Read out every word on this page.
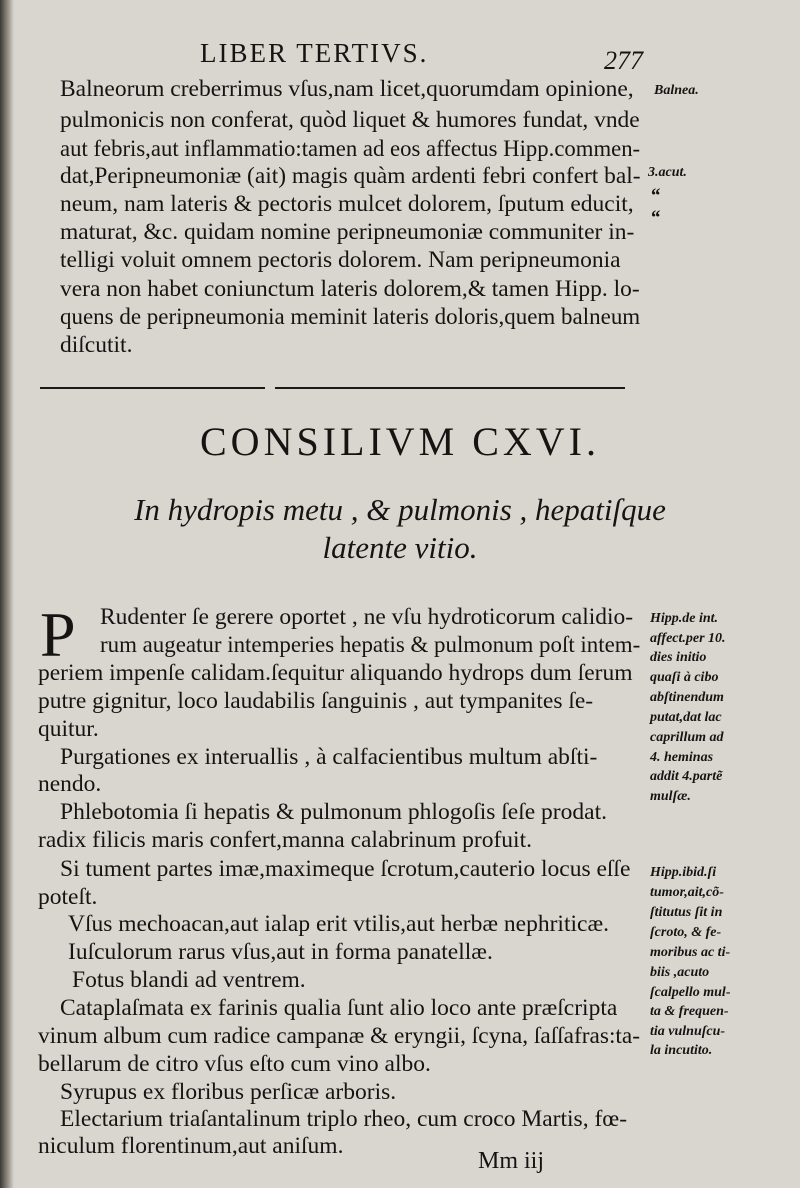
LIBER TERTIVS.	277
Balneorum creberrimus vſus,nam licet,quorumdam opinione,
pulmonicis non conferat, quòd liquet & humores fundat, vnde
aut febris,aut inflammatio:tamen ad eos affectus Hipp.commen-
dat,Peripneumoniæ (ait) magis quàm ardenti febri confert bal-
neum, nam lateris & pectoris mulcet dolorem, ſputum educit,
maturat, &c. quidam nomine peripneumoniæ communiter in-
telligi voluit omnem pectoris dolorem. Nam peripneumonia
vera non habet coniunctum lateris dolorem,& tamen Hipp. lo-
quens de peripneumonia meminit lateris doloris,quem balneum
diſcutit.
Balnea.
3.acut.
“
“
CONSILIVM CXVI.
In hydropis metu , & pulmonis , hepatiſque
latente vitio.
P Rudenter ſe gerere oportet , ne vſu hydroticorum calidio-
rum augeatur intemperies hepatis & pulmonum poſt intem-
periem impenſe calidam.ſequitur aliquando hydrops dum ſerum
putre gignitur, loco laudabilis ſanguinis , aut tympanites ſe-
quitur.
Purgationes ex interuallis , à calfacientibus multum abſti-
nendo.
Phlebotomia ſi hepatis & pulmonum phlogoſis ſeſe prodat.
radix filicis maris confert,manna calabrinum profuit.
Si tument partes imæ,maximeque ſcrotum,cauterio locus eſſe
poteſt.
Vſus mechoacan,aut ialap erit vtilis,aut herbæ nephriticæ.
Iuſculorum rarus vſus,aut in forma panatellæ.
Fotus blandi ad ventrem.
Cataplaſmata ex farinis qualia ſunt alio loco ante præſcripta
vinum album cum radice campanæ & eryngii, ſcyna, ſaſſafras:ta-
bellarum de citro vſus eſto cum vino albo.
Syrupus ex floribus perſicæ arboris.
Electarium triaſantalinum triplo rheo, cum croco Martis, fœ-
niculum florentinum,aut aniſum.
Hipp.de int.
affect.per 10.
dies initio
quaſi à cibo
abſtinendum
putat,dat lac
caprillum ad
4. heminas
addit 4.partẽ
mulſæ.
Hipp.ibid.ſi
tumor,ait,cõ-
ſtitutus ſit in
ſcroto, & fe-
moribus ac ti-
biis ,acuto
ſcalpello mul-
ta & frequen-
tia vulnuſcu-
la incutito.
Mm iij
